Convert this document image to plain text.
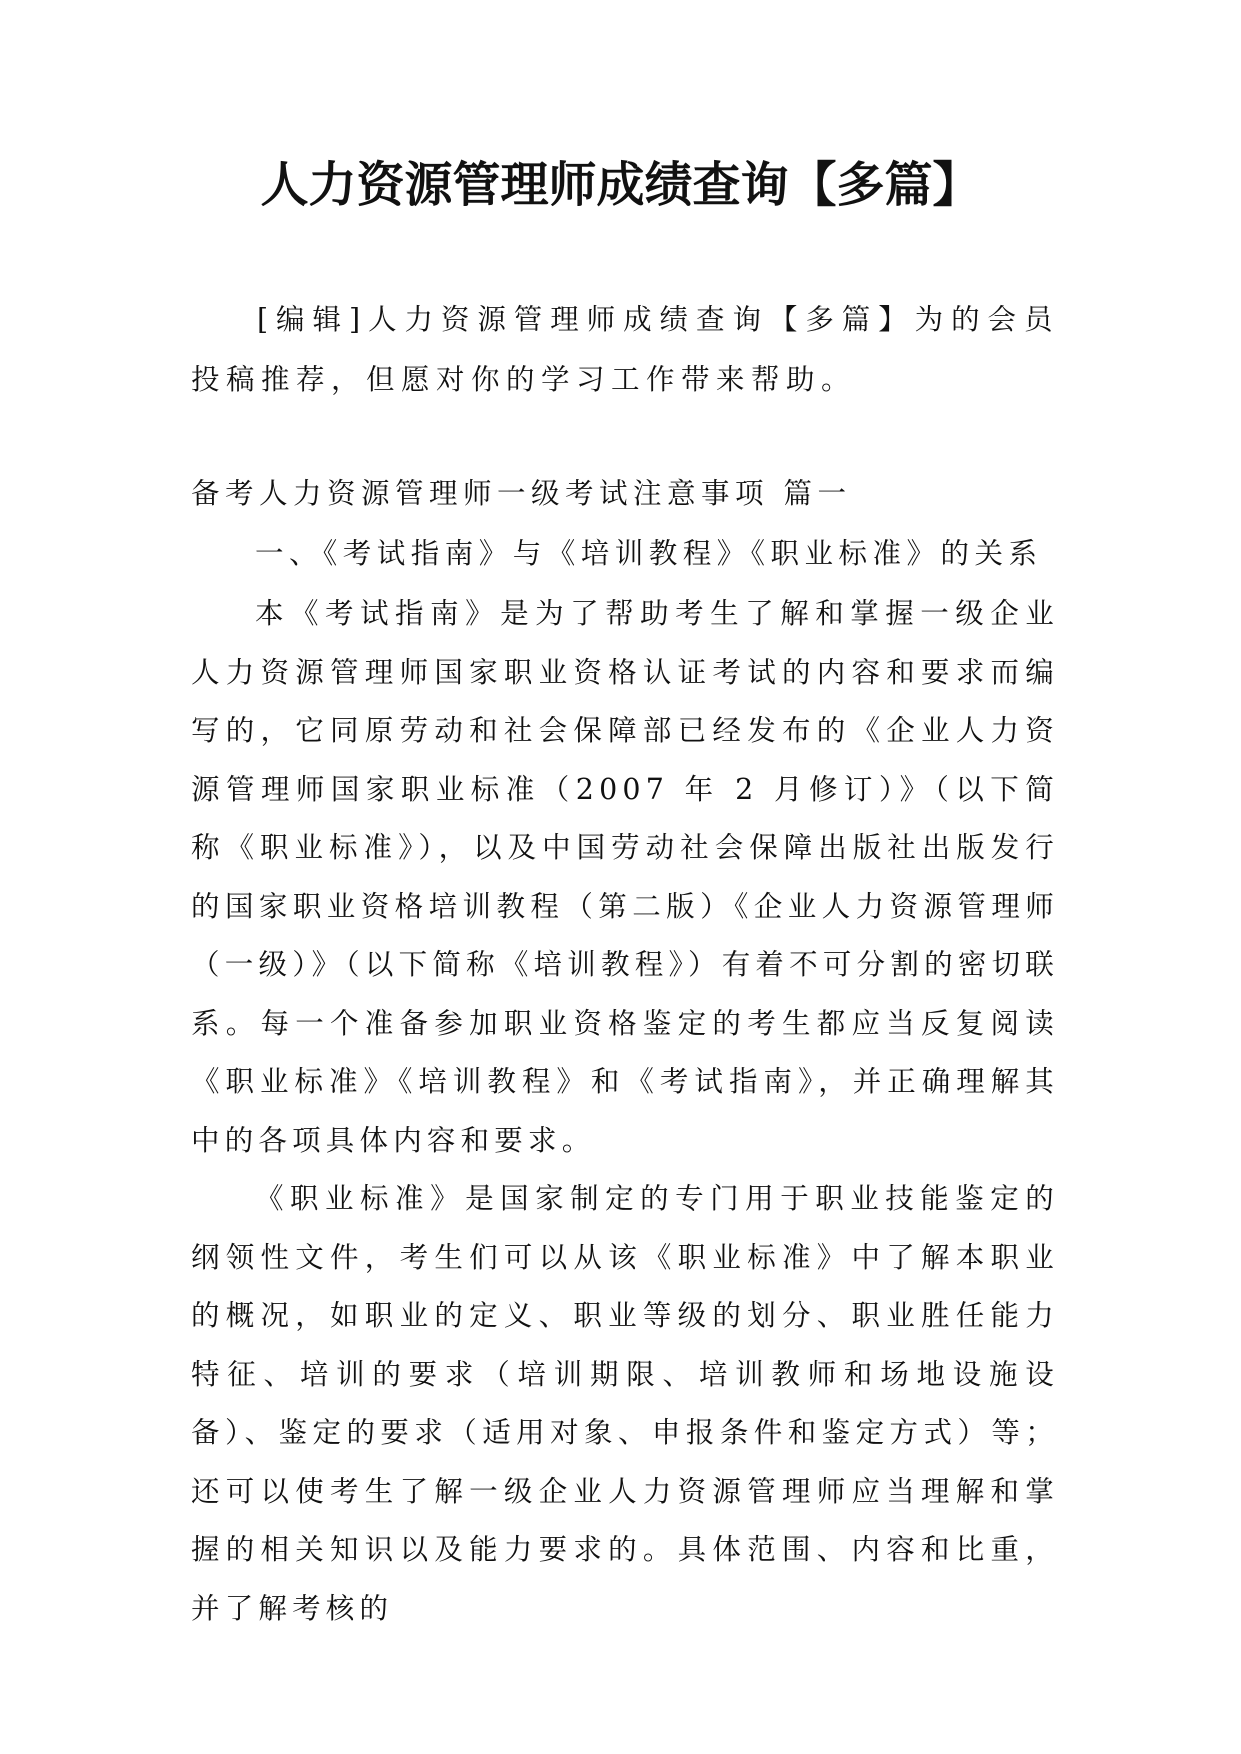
人力资源管理师成绩查询【多篇】

[编辑]人力资源管理师成绩查询【多篇】为的会员投稿推荐，但愿对你的学习工作带来帮助。

备考人力资源管理师一级考试注意事项 篇一

一、《考试指南》与《培训教程》《职业标准》的关系

本《考试指南》是为了帮助考生了解和掌握一级企业人力资源管理师国家职业资格认证考试的内容和要求而编写的，它同原劳动和社会保障部已经发布的《企业人力资源管理师国家职业标准（2007 年 2 月修订）》（以下简称《职业标准》），以及中国劳动社会保障出版社出版发行的国家职业资格培训教程（第二版）《企业人力资源管理师（一级）》（以下简称《培训教程》）有着不可分割的密切联系。每一个准备参加职业资格鉴定的考生都应当反复阅读《职业标准》《培训教程》和《考试指南》，并正确理解其中的各项具体内容和要求。

《职业标准》是国家制定的专门用于职业技能鉴定的纲领性文件，考生们可以从该《职业标准》中了解本职业的概况，如职业的定义、职业等级的划分、职业胜任能力特征、培训的要求（培训期限、培训教师和场地设施设备）、鉴定的要求（适用对象、申报条件和鉴定方式）等；还可以使考生了解一级企业人力资源管理师应当理解和掌握的相关知识以及能力要求的。具体范围、内容和比重，并了解考核的
